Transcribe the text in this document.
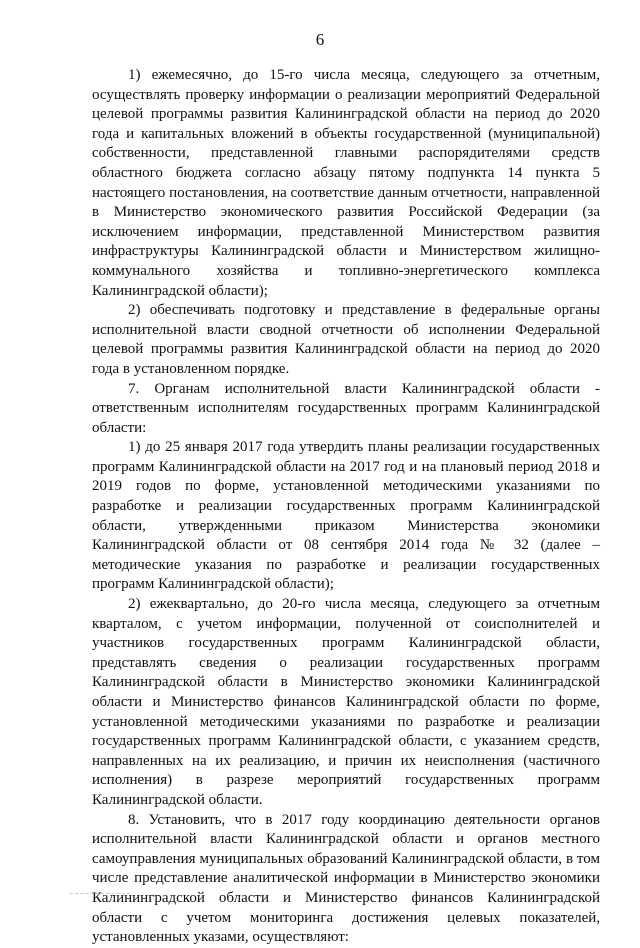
6

1) ежемесячно, до 15-го числа месяца, следующего за отчетным, осуществлять проверку информации о реализации мероприятий Федеральной целевой программы развития Калининградской области на период до 2020 года и капитальных вложений в объекты государственной (муниципальной) собственности, представленной главными распорядителями средств областного бюджета согласно абзацу пятому подпункта 14 пункта 5 настоящего постановления, на соответствие данным отчетности, направленной в Министерство экономического развития Российской Федерации (за исключением информации, представленной Министерством развития инфраструктуры Калининградской области и Министерством жилищно-коммунального хозяйства и топливно-энергетического комплекса Калининградской области);

2) обеспечивать подготовку и представление в федеральные органы исполнительной власти сводной отчетности об исполнении Федеральной целевой программы развития Калининградской области на период до 2020 года в установленном порядке.

7. Органам исполнительной власти Калининградской области - ответственным исполнителям государственных программ Калининградской области:

1) до 25 января 2017 года утвердить планы реализации государственных программ Калининградской области на 2017 год и на плановый период 2018 и 2019 годов по форме, установленной методическими указаниями по разработке и реализации государственных программ Калининградской области, утвержденными приказом Министерства экономики Калининградской области от 08 сентября 2014 года № 32 (далее – методические указания по разработке и реализации государственных программ Калининградской области);

2) ежеквартально, до 20-го числа месяца, следующего за отчетным кварталом, с учетом информации, полученной от соисполнителей и участников государственных программ Калининградской области, представлять сведения о реализации государственных программ Калининградской области в Министерство экономики Калининградской области и Министерство финансов Калининградской области по форме, установленной методическими указаниями по разработке и реализации государственных программ Калининградской области, с указанием средств, направленных на их реализацию, и причин их неисполнения (частичного исполнения) в разрезе мероприятий государственных программ Калининградской области.

8. Установить, что в 2017 году координацию деятельности органов исполнительной власти Калининградской области и органов местного самоуправления муниципальных образований Калининградской области, в том числе представление аналитической информации в Министерство экономики Калининградской области и Министерство финансов Калининградской области с учетом мониторинга достижения целевых показателей, установленных указами, осуществляют:
